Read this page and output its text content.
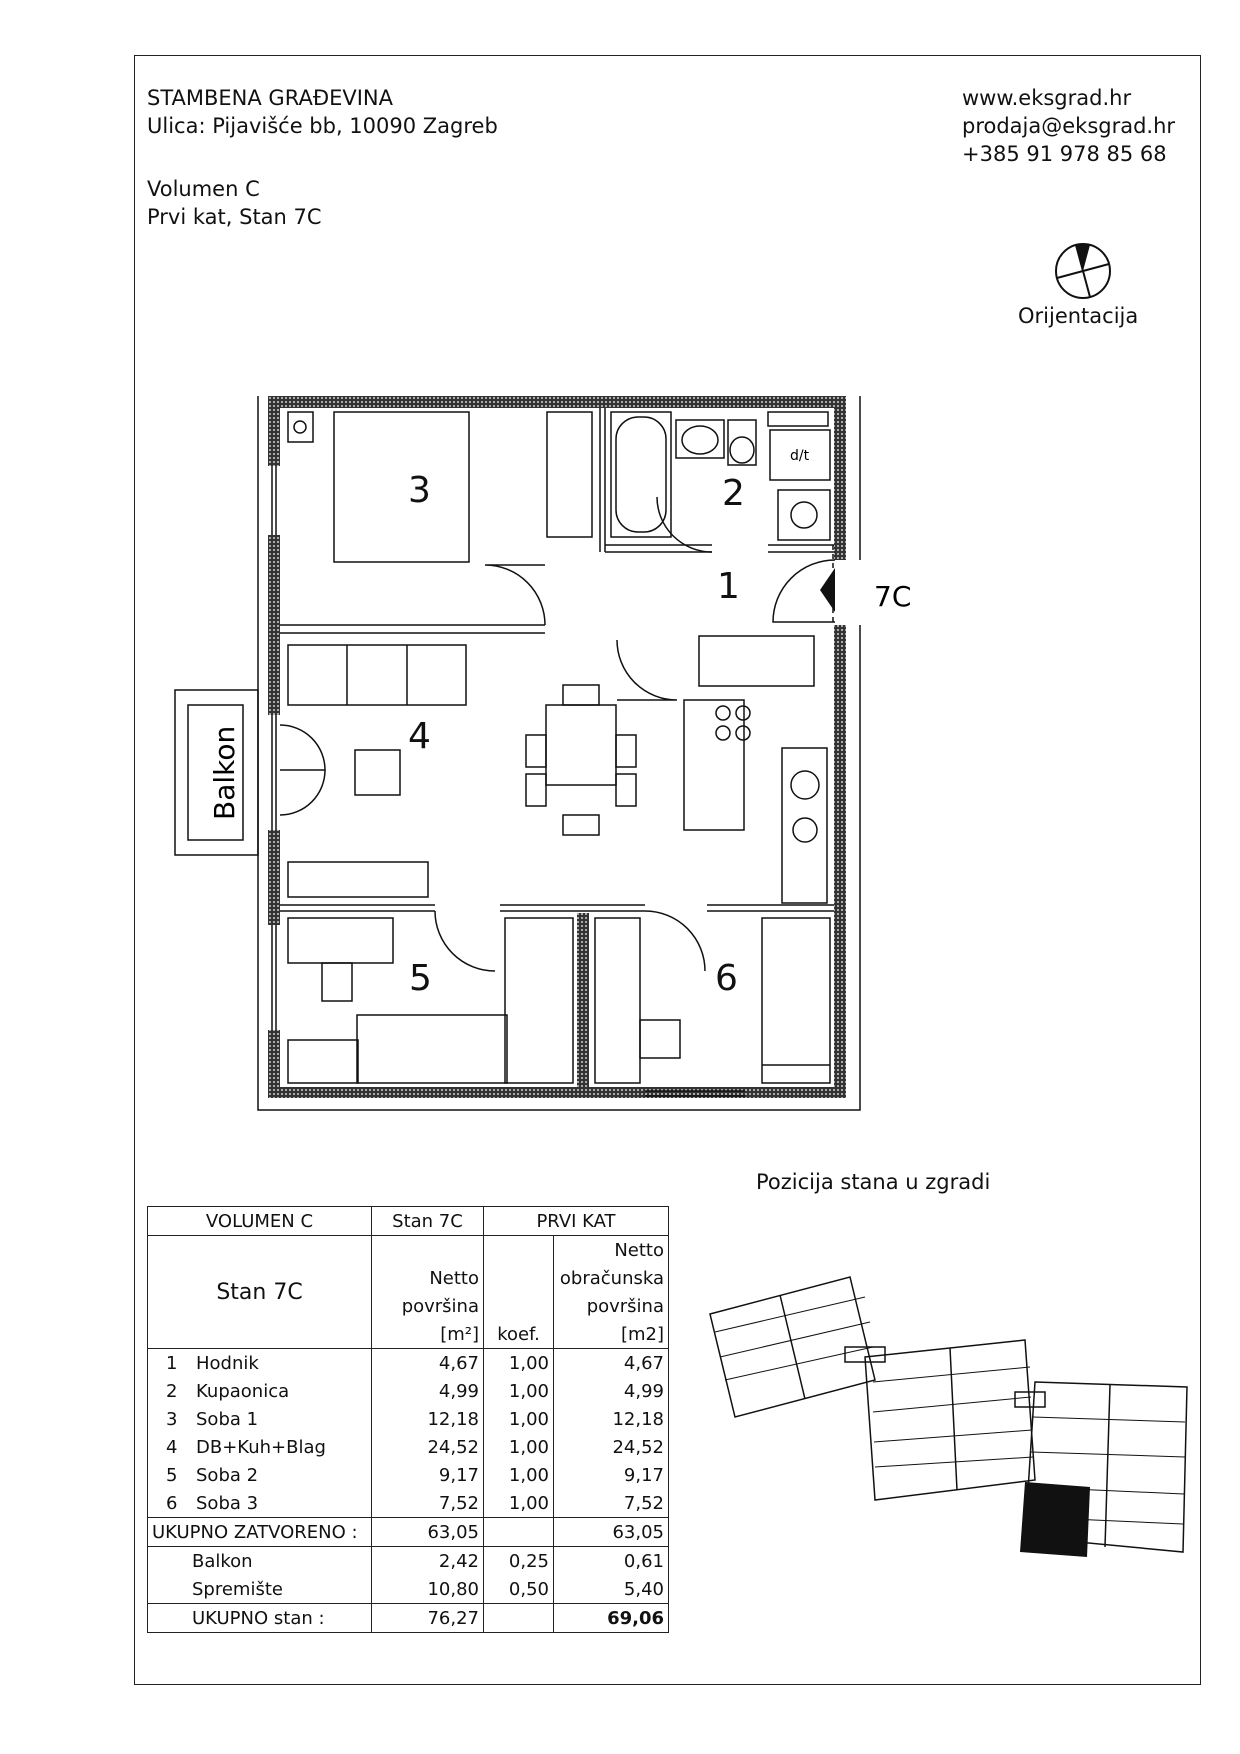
STAMBENA GRAĐEVINA
Ulica: Pijavišće bb, 10090 Zagreb
Volumen C
Prvi kat, Stan 7C
www.eksgrad.hr
prodaja@eksgrad.hr
+385 91 978 85 68
Orijentacija
3	2
1
4
5	6
7C
d/t
Balkon
Pozicija stana u zgradi
VOLUMEN C	Stan 7C	PRVI KAT	
Stan 7C			Netto
	Netto		obračunska
	površina		površina
	[m²]	koef.	[m2]
1 Hodnik	4,67	1,00	4,67
2 Kupaonica	4,99	1,00	4,99
3 Soba 1	12,18	1,00	12,18
4 DB+Kuh+Blag	24,52	1,00	24,52
5 Soba 2	9,17	1,00	9,17
6 Soba 3	7,52	1,00	7,52
UKUPNO ZATVORENO :	63,05		63,05
Balkon	2,42	0,25	0,61
Spremište	10,80	0,50	5,40
UKUPNO stan :	76,27		69,06
